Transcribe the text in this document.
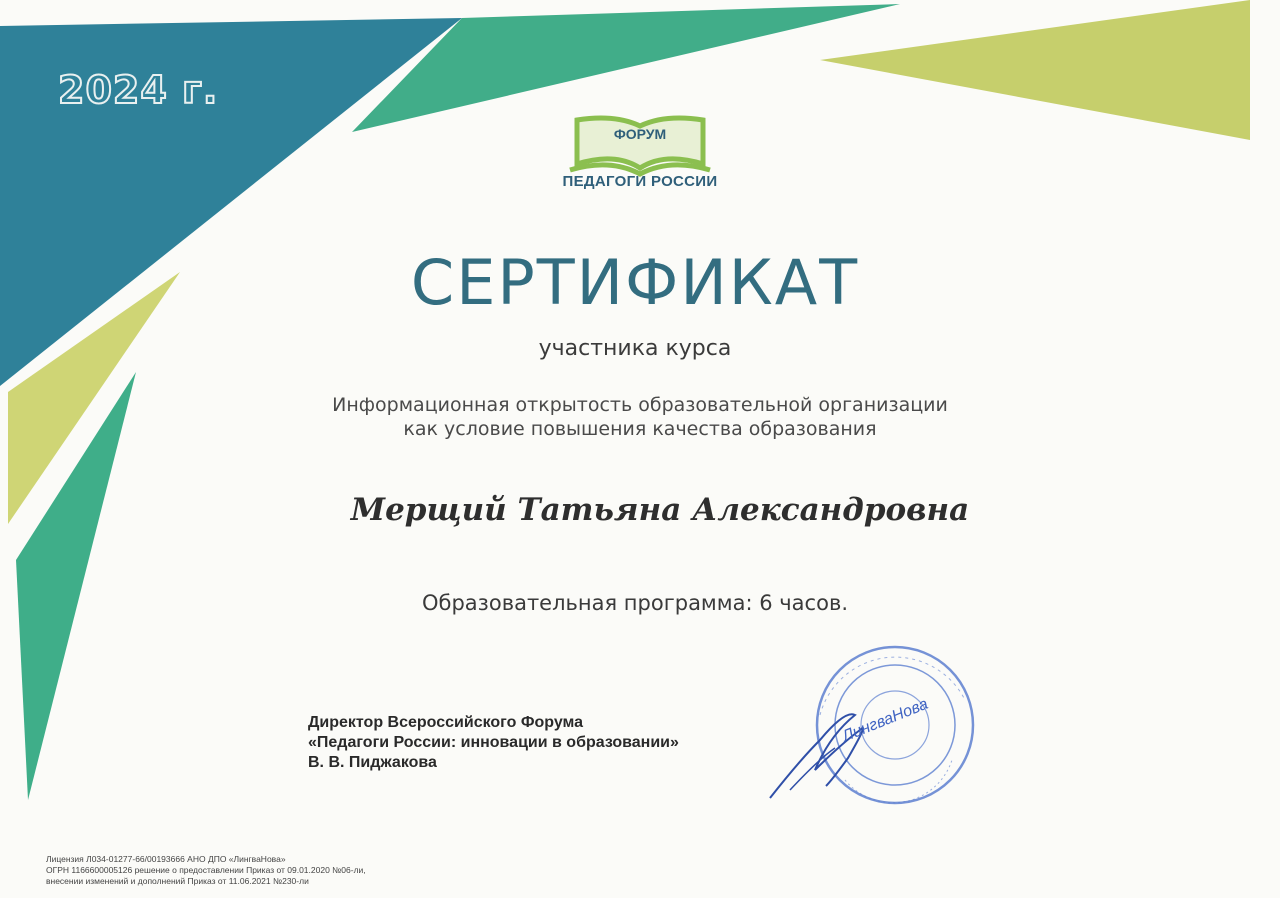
2024 г.
ФОРУМ
ПЕДАГОГИ РОССИИ
СЕРТИФИКАТ
участника курса
Информационная открытость образовательной организации
как условие повышения качества образования
Мерщий Татьяна Александровна
Образовательная программа: 6 часов.
Директор Всероссийского Форума
«Педагоги России: инновации в образовании»
В. В. Пиджакова
ЛингваНова
Лицензия Л034-01277-66/00193666 АНО ДПО «ЛингваНова»
ОГРН 1166600005126 решение о предоставлении Приказ от 09.01.2020 №06-ли,
внесении изменений и дополнений Приказ от 11.06.2021 №230-ли
